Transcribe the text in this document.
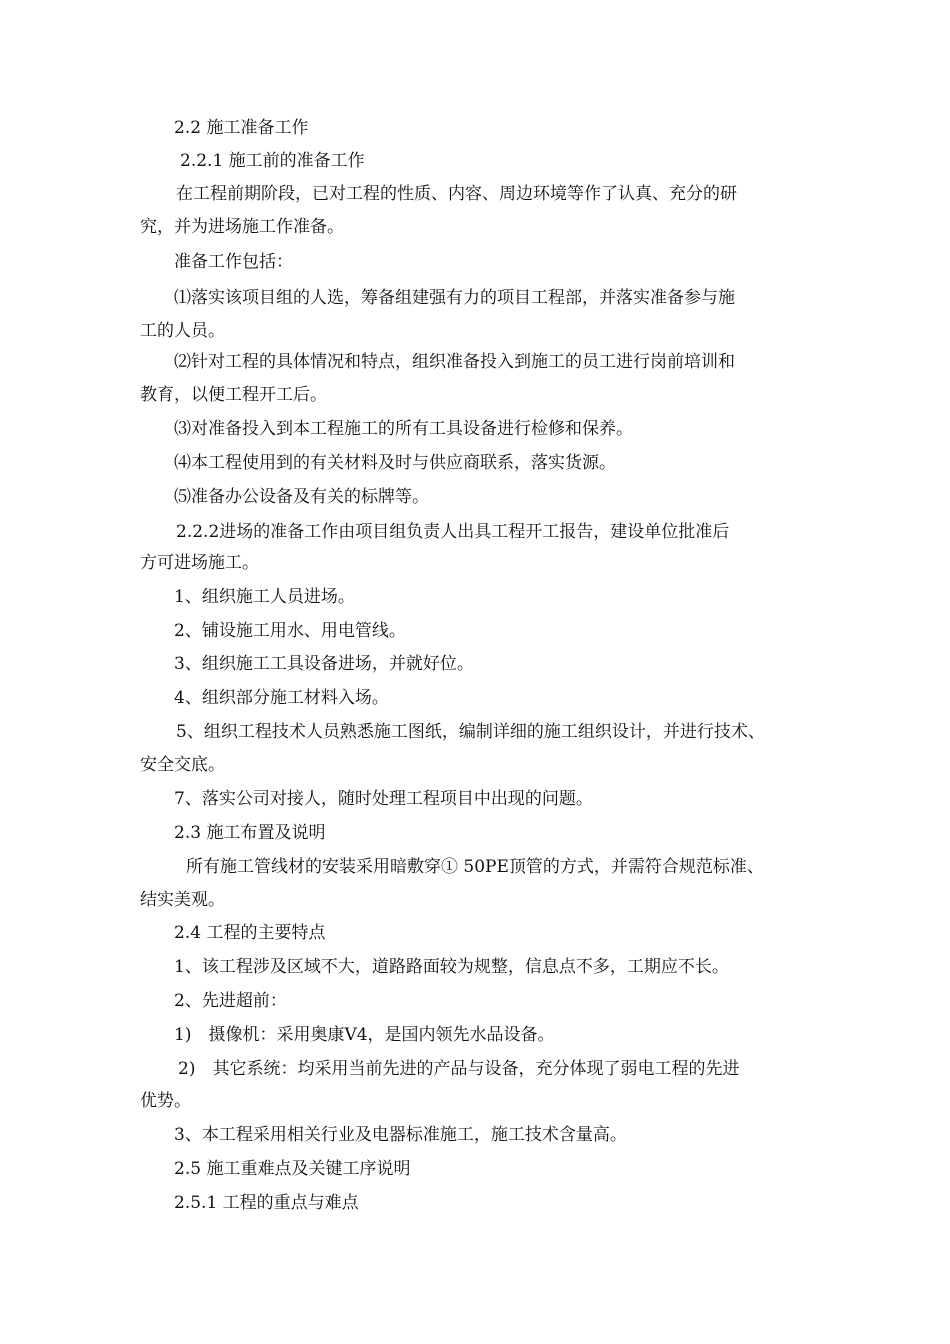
2.2 施工准备工作
2.2.1 施工前的准备工作
在工程前期阶段，已对工程的性质、内容、周边环境等作了认真、充分的研
究，并为进场施工作准备。
准备工作包括：
⑴落实该项目组的人选，筹备组建强有力的项目工程部，并落实准备参与施
工的人员。
⑵针对工程的具体情况和特点，组织准备投入到施工的员工进行岗前培训和
教育，以便工程开工后。
⑶对准备投入到本工程施工的所有工具设备进行检修和保养。
⑷本工程使用到的有关材料及时与供应商联系，落实货源。
⑸准备办公设备及有关的标牌等。
2.2.2进场的准备工作由项目组负责人出具工程开工报告，建设单位批准后
方可进场施工。
1、组织施工人员进场。
2、铺设施工用水、用电管线。
3、组织施工工具设备进场，并就好位。
4、组织部分施工材料入场。
5、组织工程技术人员熟悉施工图纸，编制详细的施工组织设计，并进行技术、
安全交底。
7、落实公司对接人，随时处理工程项目中出现的问题。
2.3 施工布置及说明
所有施工管线材的安装采用暗敷穿① 50PE顶管的方式，并需符合规范标准、
结实美观。
2.4 工程的主要特点
1、该工程涉及区域不大，道路路面较为规整，信息点不多，工期应不长。
2、先进超前：
1)　摄像机：采用奥康V4，是国内领先水品设备。
2)　其它系统：均采用当前先进的产品与设备，充分体现了弱电工程的先进
优势。
3、本工程采用相关行业及电器标准施工，施工技术含量高。
2.5 施工重难点及关键工序说明
2.5.1 工程的重点与难点
